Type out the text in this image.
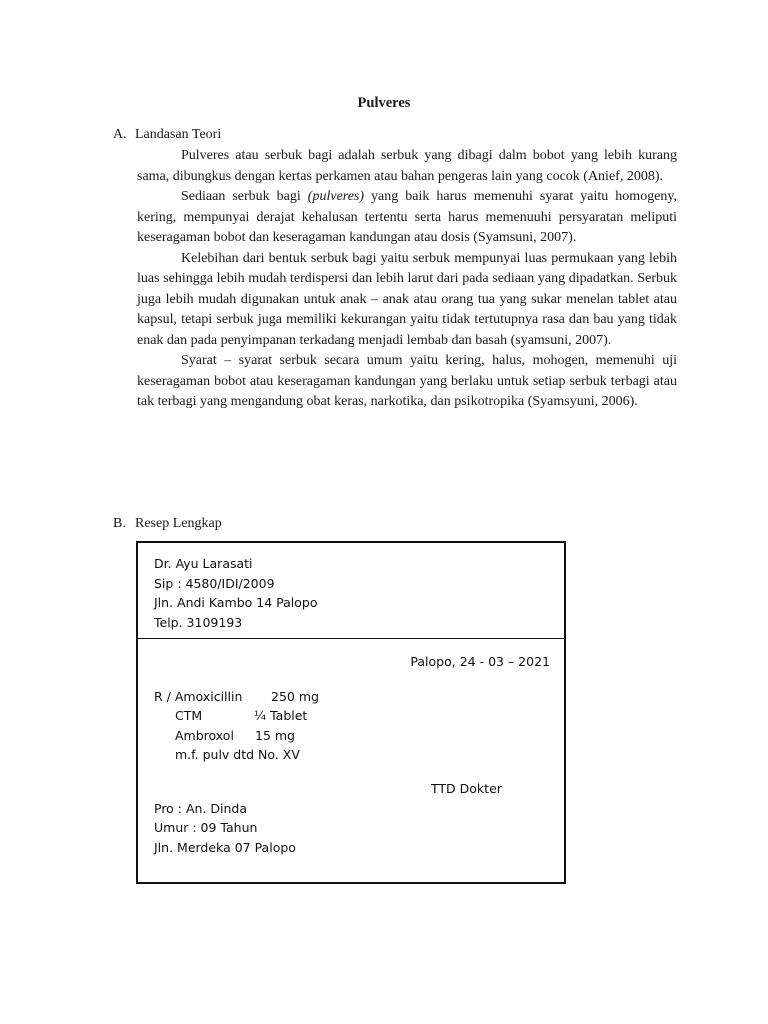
Pulveres
A. Landasan Teori

Pulveres atau serbuk bagi adalah serbuk yang dibagi dalm bobot yang lebih kurang sama, dibungkus dengan kertas perkamen atau bahan pengeras lain yang cocok (Anief, 2008).

Sediaan serbuk bagi (pulveres) yang baik harus memenuhi syarat yaitu homogeny, kering, mempunyai derajat kehalusan tertentu serta harus memenuuhi persyaratan meliputi keseragaman bobot dan keseragaman kandungan atau dosis (Syamsuni, 2007).

Kelebihan dari bentuk serbuk bagi yaitu serbuk mempunyai luas permukaan yang lebih luas sehingga lebih mudah terdispersi dan lebih larut dari pada sediaan yang dipadatkan. Serbuk juga lebih mudah digunakan untuk anak – anak atau orang tua yang sukar menelan tablet atau kapsul, tetapi serbuk juga memiliki kekurangan yaitu tidak tertutupnya rasa dan bau yang tidak enak dan pada penyimpanan terkadang menjadi lembab dan basah (syamsuni, 2007).

Syarat – syarat serbuk secara umum yaitu kering, halus, mohogen, memenuhi uji keseragaman bobot atau keseragaman kandungan yang berlaku untuk setiap serbuk terbagi atau tak terbagi yang mengandung obat keras, narkotika, dan psikotropika (Syamsyuni, 2006).

B. Resep Lengkap
Dr. Ayu Larasati
Sip : 4580/IDI/2009
Jln. Andi Kambo 14 Palopo
Telp. 3109193
Palopo, 24 - 03 – 2021
R / Amoxicillin	250 mg
CTM	¼ Tablet
Ambroxol	15 mg
m.f. pulv dtd No. XV
TTD Dokter
Pro : An. Dinda
Umur : 09 Tahun
Jln. Merdeka 07 Palopo
